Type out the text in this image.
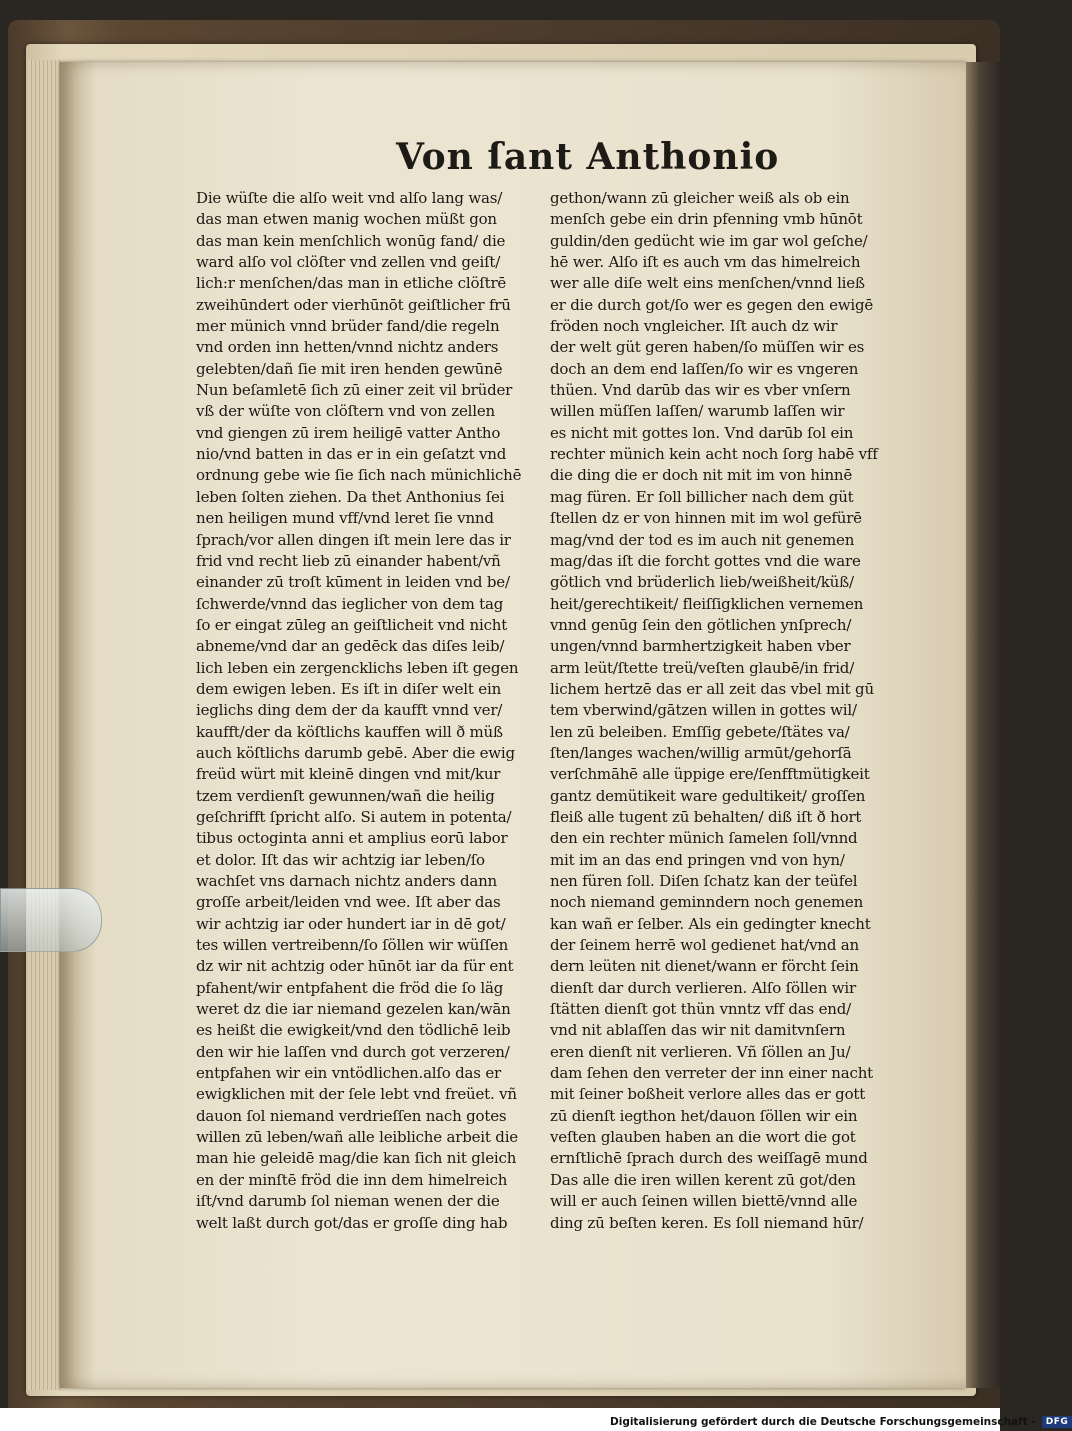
Von ſant Anthonio
Die wüſte die alſo weit vnd alſo lang was/
das man etwen manig wochen müßt gon
das man kein menſchlich wonūg fand/ die
ward alſo vol clöſter vnd zellen vnd geiſt/
lich:r menſchen/das man in etliche clöſtrē
zweihūndert oder vierhūnōt geiſtlicher frū
mer münich vnnd brüder fand/die regeln
vnd orden inn hetten/vnnd nichtz anders
gelebten/dañ ſie mit iren henden gewūnē
Nun beſamletē ſich zū einer zeit vil brüder
vß der wüſte von clöſtern vnd von zellen
vnd giengen zū irem heiligē vatter Antho
nio/vnd batten in das er in ein geſatzt vnd
ordnung gebe wie ſie ſich nach münichlichē
leben ſolten ziehen. Da thet Anthonius ſei
nen heiligen mund vff/vnd leret ſie vnnd
ſprach/vor allen dingen iſt mein lere das ir
frid vnd recht lieb zū einander habent/vñ
einander zū troſt kūment in leiden vnd be/
ſchwerde/vnnd das ieglicher von dem tag
ſo er eingat zūleg an geiſtlicheit vnd nicht
abneme/vnd dar an gedēck das diſes leib/
lich leben ein zergencklichs leben iſt gegen
dem ewigen leben. Es iſt in diſer welt ein
ieglichs ding dem der da kaufft vnnd ver/
kaufft/der da köſtlichs kauffen will ð müß
auch köſtlichs darumb gebē. Aber die ewig
freüd würt mit kleinē dingen vnd mit/kur
tzem verdienſt gewunnen/wañ die heilig
geſchrifft ſpricht alſo. Si autem in potenta/
tibus octoginta anni et amplius eorū labor
et dolor. Iſt das wir achtzig iar leben/ſo
wachſet vns darnach nichtz anders dann
groſſe arbeit/leiden vnd wee. Iſt aber das
wir achtzig iar oder hundert iar in dē got/
tes willen vertreibenn/ſo ſöllen wir wüſſen
dz wir nit achtzig oder hūnōt iar da für ent
pfahent/wir entpfahent die fröd die ſo läg
weret dz die iar niemand gezelen kan/wān
es heißt die ewigkeit/vnd den tödlichē leib
den wir hie laſſen vnd durch got verzeren/
entpfahen wir ein vntödlichen.alſo das er
ewigklichen mit der ſele lebt vnd freüet. vñ
dauon ſol niemand verdrieſſen nach gotes
willen zū leben/wañ alle leibliche arbeit die
man hie geleidē mag/die kan ſich nit gleich
en der minſtē fröd die inn dem himelreich
iſt/vnd darumb ſol nieman wenen der die
welt laßt durch got/das er groſſe ding hab
gethon/wann zū gleicher weiß als ob ein
menſch gebe ein drin pfenning vmb hūnōt
guldin/den gedücht wie im gar wol geſche/
hē wer. Alſo iſt es auch vm das himelreich
wer alle diſe welt eins menſchen/vnnd ließ
er die durch got/ſo wer es gegen den ewigē
fröden noch vngleicher. Iſt auch dz wir
der welt güt geren haben/ſo müſſen wir es
doch an dem end laſſen/ſo wir es vngeren
thüen. Vnd darūb das wir es vber vnſern
willen müſſen laſſen/ warumb laſſen wir
es nicht mit gottes lon. Vnd darūb ſol ein
rechter münich kein acht noch ſorg habē vff
die ding die er doch nit mit im von hinnē
mag füren. Er ſoll billicher nach dem güt
ſtellen dz er von hinnen mit im wol gefürē
mag/vnd der tod es im auch nit genemen
mag/das iſt die forcht gottes vnd die ware
götlich vnd brüderlich lieb/weißheit/küß/
heit/gerechtikeit/ fleiſſigklichen vernemen
vnnd genūg ſein den götlichen ynſprech/
ungen/vnnd barmhertzigkeit haben vber
arm leüt/ſtette treü/veſten glaubē/in frid/
lichem hertzē das er all zeit das vbel mit gū
tem vberwind/gātzen willen in gottes wil/
len zū beleiben. Emſſig gebete/ſtätes va/
ſten/langes wachen/willig armūt/gehorſā
verſchmāhē alle üppige ere/ſenfftmütigkeit
gantz demütikeit ware gedultikeit/ groſſen
fleiß alle tugent zū behalten/ diß iſt ð hort
den ein rechter münich ſamelen ſoll/vnnd
mit im an das end pringen vnd von hyn/
nen füren ſoll. Diſen ſchatz kan der teüfel
noch niemand geminndern noch genemen
kan wañ er ſelber. Als ein gedingter knecht
der ſeinem herrē wol gedienet hat/vnd an
dern leüten nit dienet/wann er förcht ſein
dienſt dar durch verlieren. Alſo ſöllen wir
ſtätten dienſt got thün vnntz vff das end/
vnd nit ablaſſen das wir nit damitvnſern
eren dienſt nit verlieren. Vñ ſöllen an Ju/
dam ſehen den verreter der inn einer nacht
mit ſeiner boßheit verlore alles das er gott
zū dienſt iegthon het/dauon ſöllen wir ein
veſten glauben haben an die wort die got
ernſtlichē ſprach durch des weiſſagē mund
Das alle die iren willen kerent zū got/den
will er auch ſeinen willen biettē/vnnd alle
ding zū beſten keren. Es ſoll niemand hūr/
Digitalisierung gefördert durch die Deutsche Forschungsgemeinschaft -	DFG
